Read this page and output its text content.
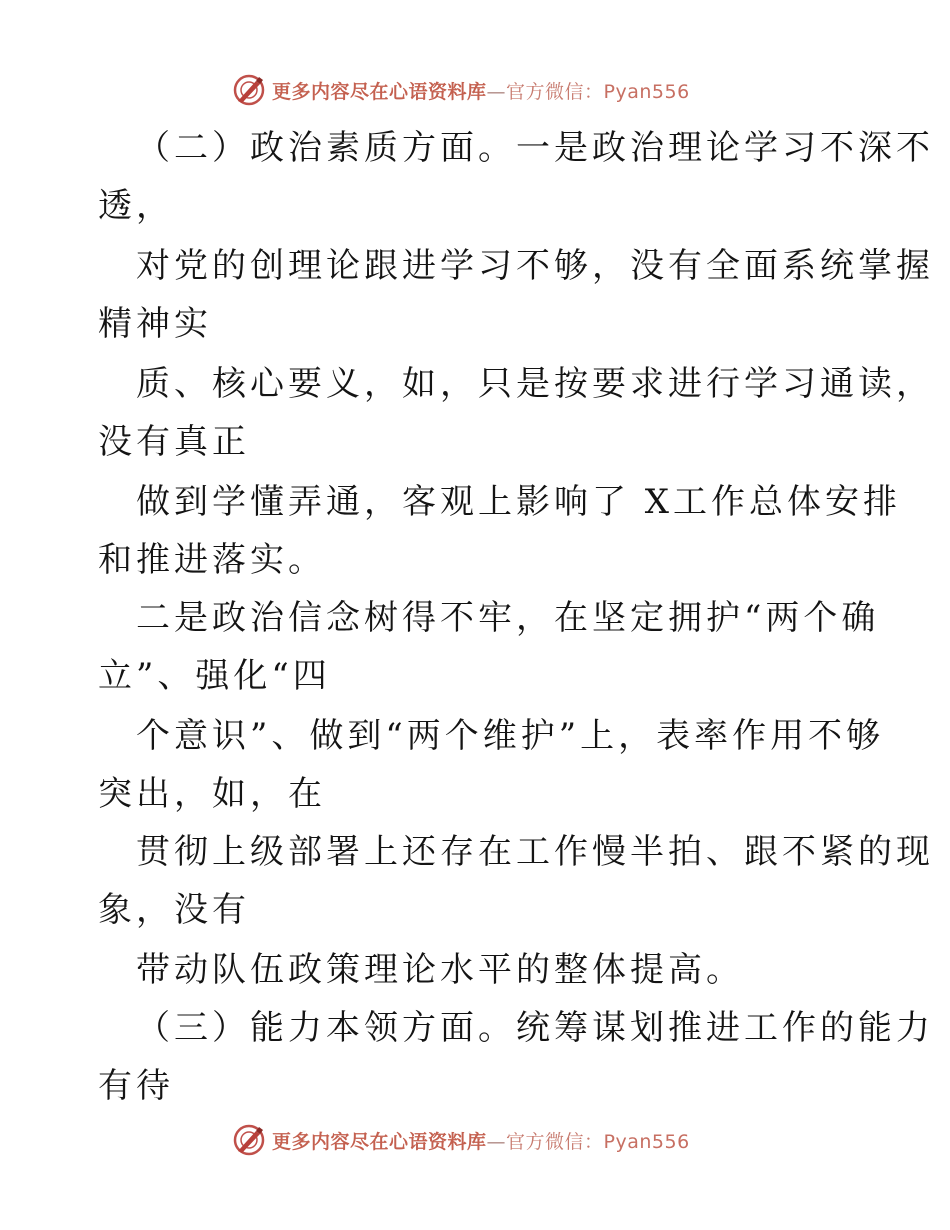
更多内容尽在心语资料库—官方微信：Pyan556
（二）政治素质方面。一是政治理论学习不深不
透，
对党的创理论跟进学习不够，没有全面系统掌握
精神实
质、核心要义，如，只是按要求进行学习通读，
没有真正
做到学懂弄通，客观上影响了 X工作总体安排
和推进落实。
二是政治信念树得不牢，在坚定拥护“两个确
立”、强化“四
个意识”、做到“两个维护”上，表率作用不够
突出，如，在
贯彻上级部署上还存在工作慢半拍、跟不紧的现
象，没有
带动队伍政策理论水平的整体提高。
（三）能力本领方面。统筹谋划推进工作的能力
有待
更多内容尽在心语资料库—官方微信：Pyan556
